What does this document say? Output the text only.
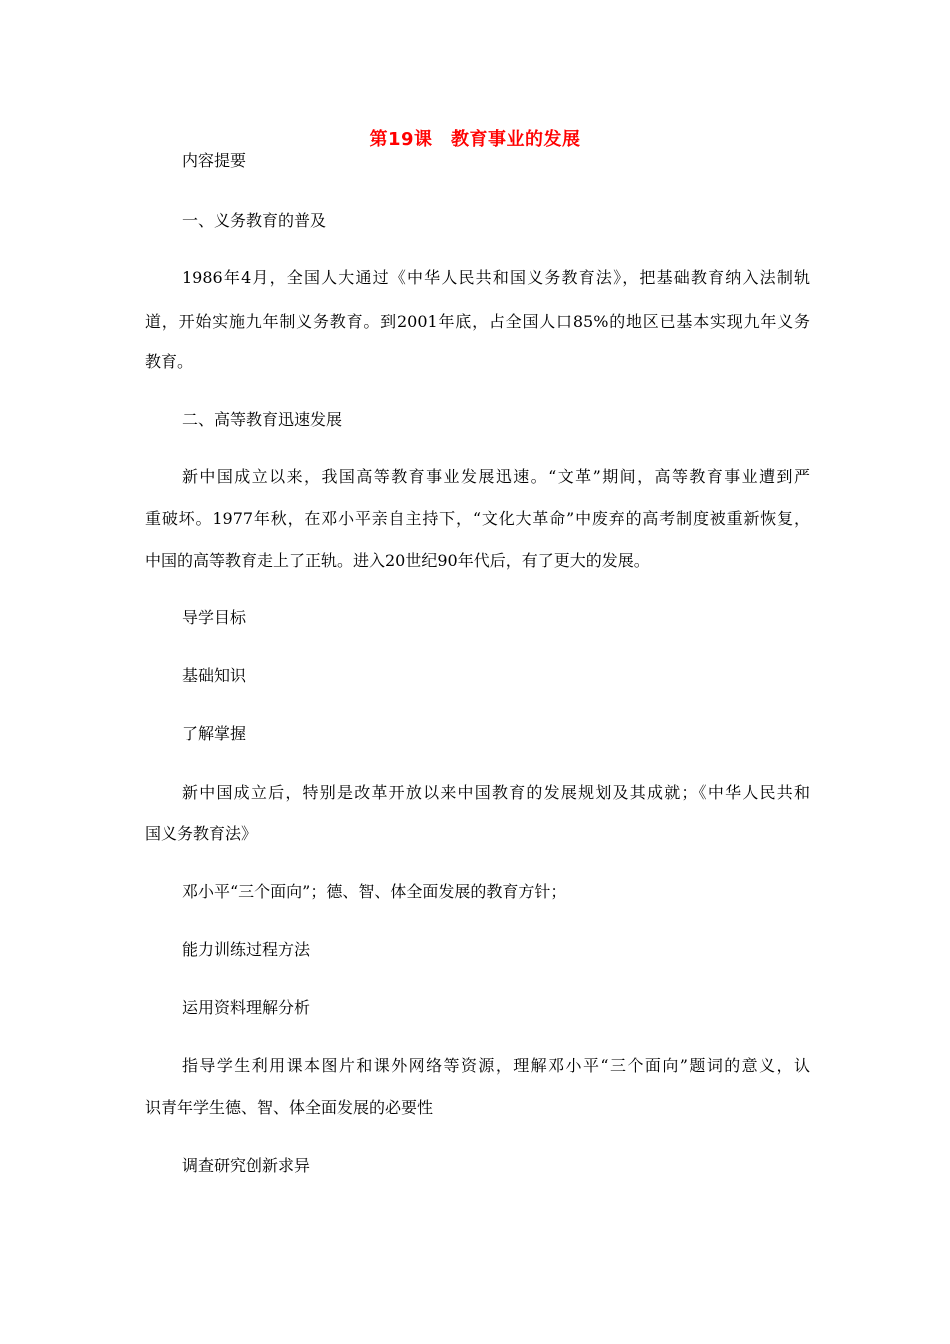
第19课　教育事业的发展
内容提要
一、义务教育的普及
1986年4月，全国人大通过《中华人民共和国义务教育法》，把基础教育纳入法制轨
道，开始实施九年制义务教育。到2001年底，占全国人口85%的地区已基本实现九年义务
教育。
二、高等教育迅速发展
新中国成立以来，我国高等教育事业发展迅速。“文革”期间，高等教育事业遭到严
重破坏。1977年秋，在邓小平亲自主持下，“文化大革命”中废弃的高考制度被重新恢复，
中国的高等教育走上了正轨。进入20世纪90年代后，有了更大的发展。
导学目标
基础知识
了解掌握
新中国成立后，特别是改革开放以来中国教育的发展规划及其成就；《中华人民共和
国义务教育法》
邓小平“三个面向”；德、智、体全面发展的教育方针；
能力训练过程方法
运用资料理解分析
指导学生利用课本图片和课外网络等资源，理解邓小平“三个面向”题词的意义，认
识青年学生德、智、体全面发展的必要性
调查研究创新求异
